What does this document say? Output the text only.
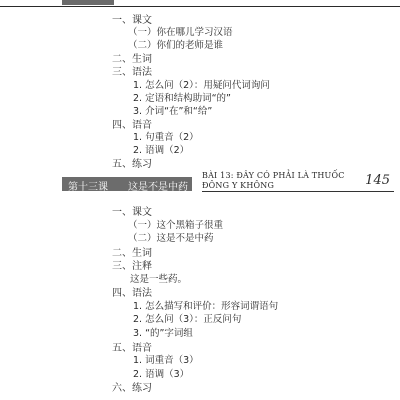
一、课文
（一）你在哪儿学习汉语
（二）你们的老师是谁
二、生词
三、语法
1. 怎么问（2）：用疑问代词询问
2. 定语和结构助词“的”
3. 介词“在”和“给”
四、语音
1. 句重音（2）
2. 语调（2）
五、练习
第十三课 这是不是中药
BÀI 13: ĐÂY CÓ PHẢI LÀ THUỐC
ĐÔNG Y KHÔNG	145
一、课文
（一）这个黑箱子很重
（二）这是不是中药
二、生词
三、注释
这是一些药。
四、语法
1. 怎么描写和评价：形容词谓语句
2. 怎么问（3）：正反问句
3. “的”字词组
五、语音
1. 词重音（3）
2. 语调（3）
六、练习
